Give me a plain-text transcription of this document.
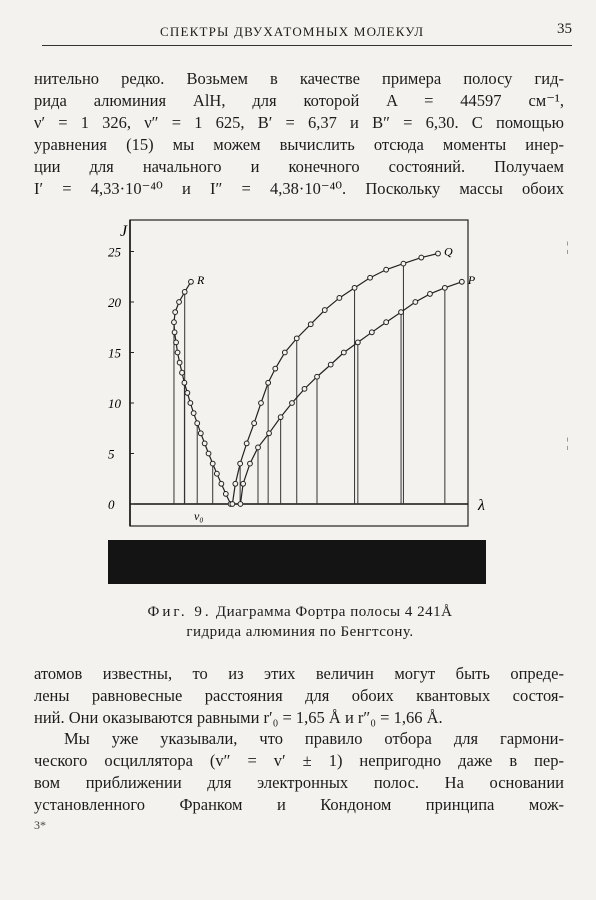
СПЕКТРЫ ДВУХАТОМНЫХ МОЛЕКУЛ	35
нительно редко. Возьмем в качестве примера полосу гид-
рида алюминия AlH, для которой A = 44597 см⁻¹,
ν′ = 1 326, ν″ = 1 625, B′ = 6,37 и B″ = 6,30. С помощью
уравнения (15) мы можем вычислить отсюда моменты инер-
ции для начального и конечного состояний. Получаем
I′ = 4,33·10⁻⁴⁰ и I″ = 4,38·10⁻⁴⁰. Поскольку массы обоих
J
λ
ν₀
0
5
10
15
20
25
R
Q
P
Фиг. 9. Диаграмма Фортра полосы 4 241Å
гидрида алюминия по Бенгтсону.
атомов известны, то из этих величин могут быть опреде-
лены равновесные расстояния для обоих квантовых состоя-
ний. Они оказываются равными r′₀ = 1,65 Å и r″₀ = 1,66 Å.
Мы уже указывали, что правило отбора для гармони-
ческого осциллятора (v″ = v′ ± 1) непригодно даже в пер-
вом приближении для электронных полос. На основании
установленного Франком и Кондоном принципа мож-
3*
¦
¦
